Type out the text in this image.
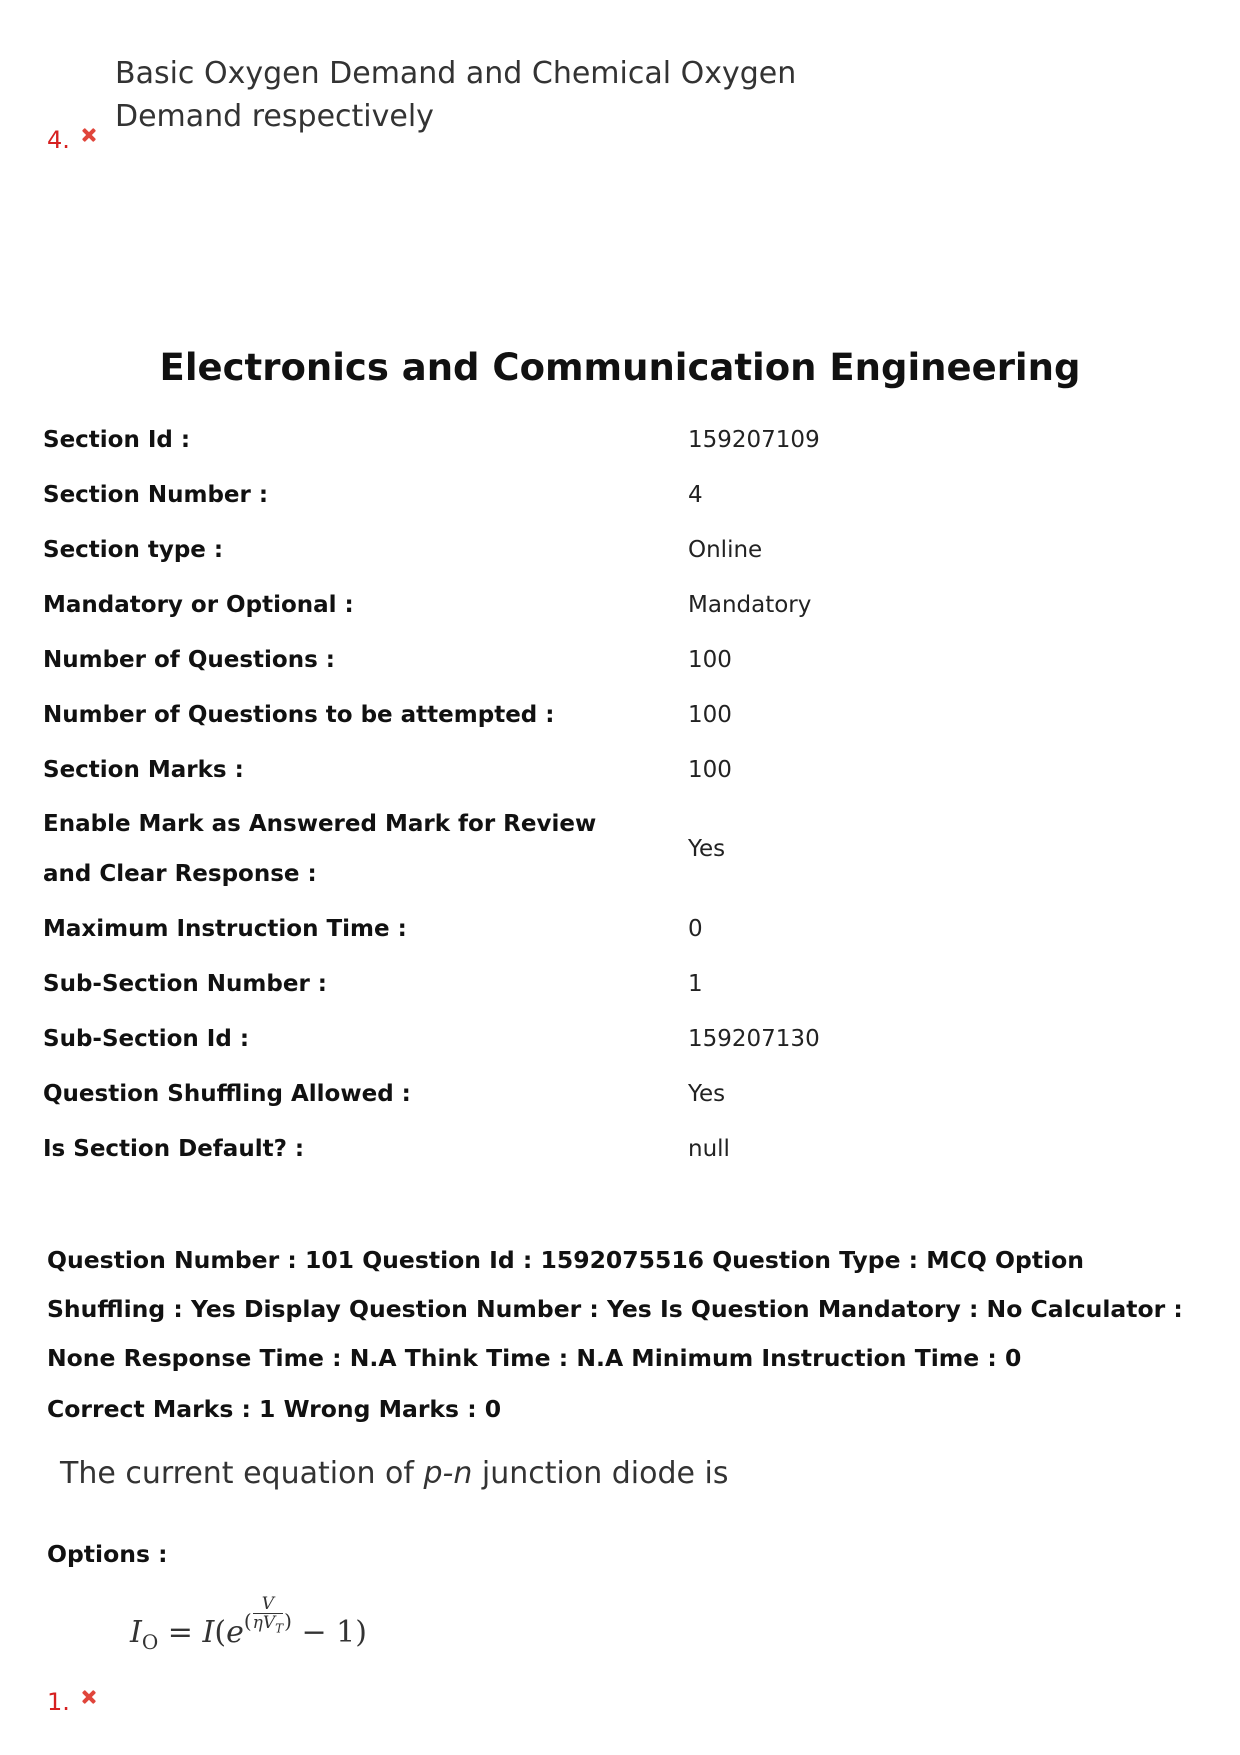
Basic Oxygen Demand and Chemical Oxygen Demand respectively
4.
Electronics and Communication Engineering
Section Id :	159207109
Section Number :	4
Section type :	Online
Mandatory or Optional :	Mandatory
Number of Questions :	100
Number of Questions to be attempted :	100
Section Marks :	100
Enable Mark as Answered Mark for Review and Clear Response :
Yes
Maximum Instruction Time :	0
Sub-Section Number :	1
Sub-Section Id :	159207130
Question Shuffling Allowed :	Yes
Is Section Default? :	null
Question Number : 101 Question Id : 1592075516 Question Type : MCQ Option Shuffling : Yes Display Question Number : Yes Is Question Mandatory : No Calculator : None Response Time : N.A Think Time : N.A Minimum Instruction Time : 0
Correct Marks : 1 Wrong Marks : 0
The current equation of p-n junction diode is
Options :
$I_O = I(e^( \frac{V}{\eta V_T} ^) - 1)$
1.
